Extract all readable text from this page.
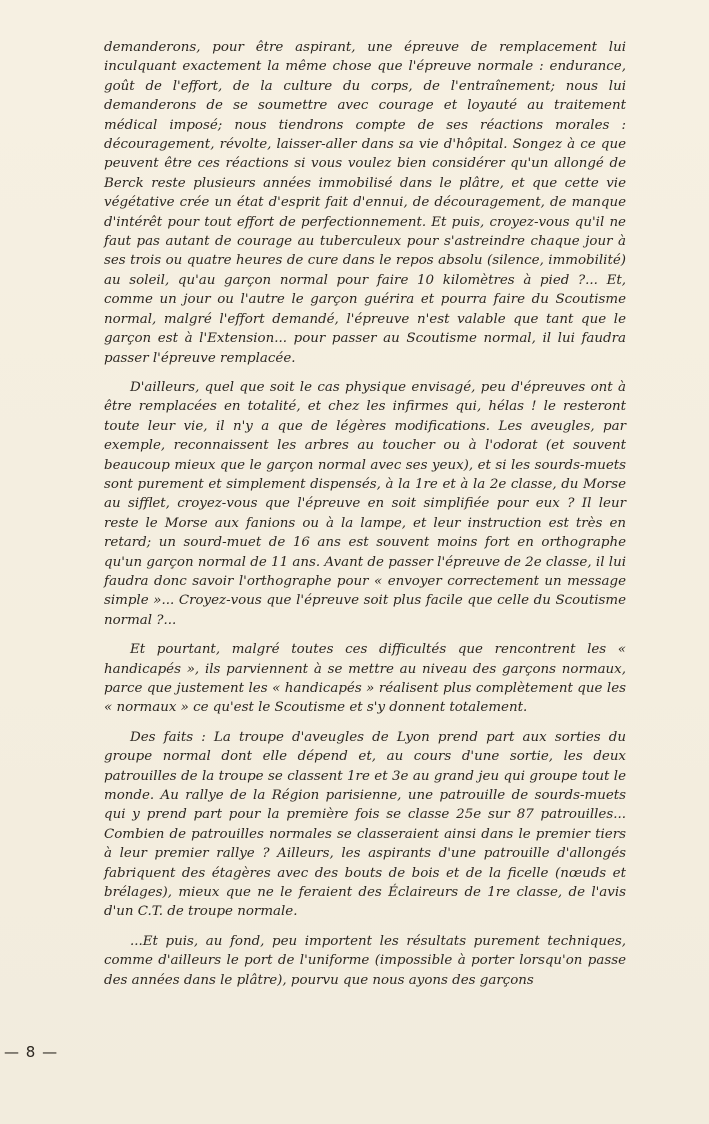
demanderons, pour être aspirant, une épreuve de remplacement lui inculquant exactement la même chose que l'épreuve normale : endurance, goût de l'effort, de la culture du corps, de l'entraînement; nous lui demanderons de se soumettre avec courage et loyauté au traitement médical imposé; nous tiendrons compte de ses réactions morales : découragement, révolte, laisser-aller dans sa vie d'hôpital. Songez à ce que peuvent être ces réactions si vous voulez bien considérer qu'un allongé de Berck reste plusieurs années immobilisé dans le plâtre, et que cette vie végétative crée un état d'esprit fait d'ennui, de découragement, de manque d'intérêt pour tout effort de perfectionnement. Et puis, croyez-vous qu'il ne faut pas autant de courage au tuberculeux pour s'astreindre chaque jour à ses trois ou quatre heures de cure dans le repos absolu (silence, immobilité) au soleil, qu'au garçon normal pour faire 10 kilomètres à pied ?... Et, comme un jour ou l'autre le garçon guérira et pourra faire du Scoutisme normal, malgré l'effort demandé, l'épreuve n'est valable que tant que le garçon est à l'Extension... pour passer au Scoutisme normal, il lui faudra passer l'épreuve remplacée.

D'ailleurs, quel que soit le cas physique envisagé, peu d'épreuves ont à être remplacées en totalité, et chez les infirmes qui, hélas ! le resteront toute leur vie, il n'y a que de légères modifications. Les aveugles, par exemple, reconnaissent les arbres au toucher ou à l'odorat (et souvent beaucoup mieux que le garçon normal avec ses yeux), et si les sourds-muets sont purement et simplement dispensés, à la 1re et à la 2e classe, du Morse au sifflet, croyez-vous que l'épreuve en soit simplifiée pour eux ? Il leur reste le Morse aux fanions ou à la lampe, et leur instruction est très en retard; un sourd-muet de 16 ans est souvent moins fort en orthographe qu'un garçon normal de 11 ans. Avant de passer l'épreuve de 2e classe, il lui faudra donc savoir l'orthographe pour « envoyer correctement un message simple »... Croyez-vous que l'épreuve soit plus facile que celle du Scoutisme normal ?...

Et pourtant, malgré toutes ces difficultés que rencontrent les « handicapés », ils parviennent à se mettre au niveau des garçons normaux, parce que justement les « handicapés » réalisent plus complètement que les « normaux » ce qu'est le Scoutisme et s'y donnent totalement.

Des faits : La troupe d'aveugles de Lyon prend part aux sorties du groupe normal dont elle dépend et, au cours d'une sortie, les deux patrouilles de la troupe se classent 1re et 3e au grand jeu qui groupe tout le monde. Au rallye de la Région parisienne, une patrouille de sourds-muets qui y prend part pour la première fois se classe 25e sur 87 patrouilles... Combien de patrouilles normales se classeraient ainsi dans le premier tiers à leur premier rallye ? Ailleurs, les aspirants d'une patrouille d'allongés fabriquent des étagères avec des bouts de bois et de la ficelle (nœuds et brélages), mieux que ne le feraient des Éclaireurs de 1re classe, de l'avis d'un C.T. de troupe normale.

...Et puis, au fond, peu importent les résultats purement techniques, comme d'ailleurs le port de l'uniforme (impossible à porter lorsqu'on passe des années dans le plâtre), pourvu que nous ayons des garçons

— 8 —
